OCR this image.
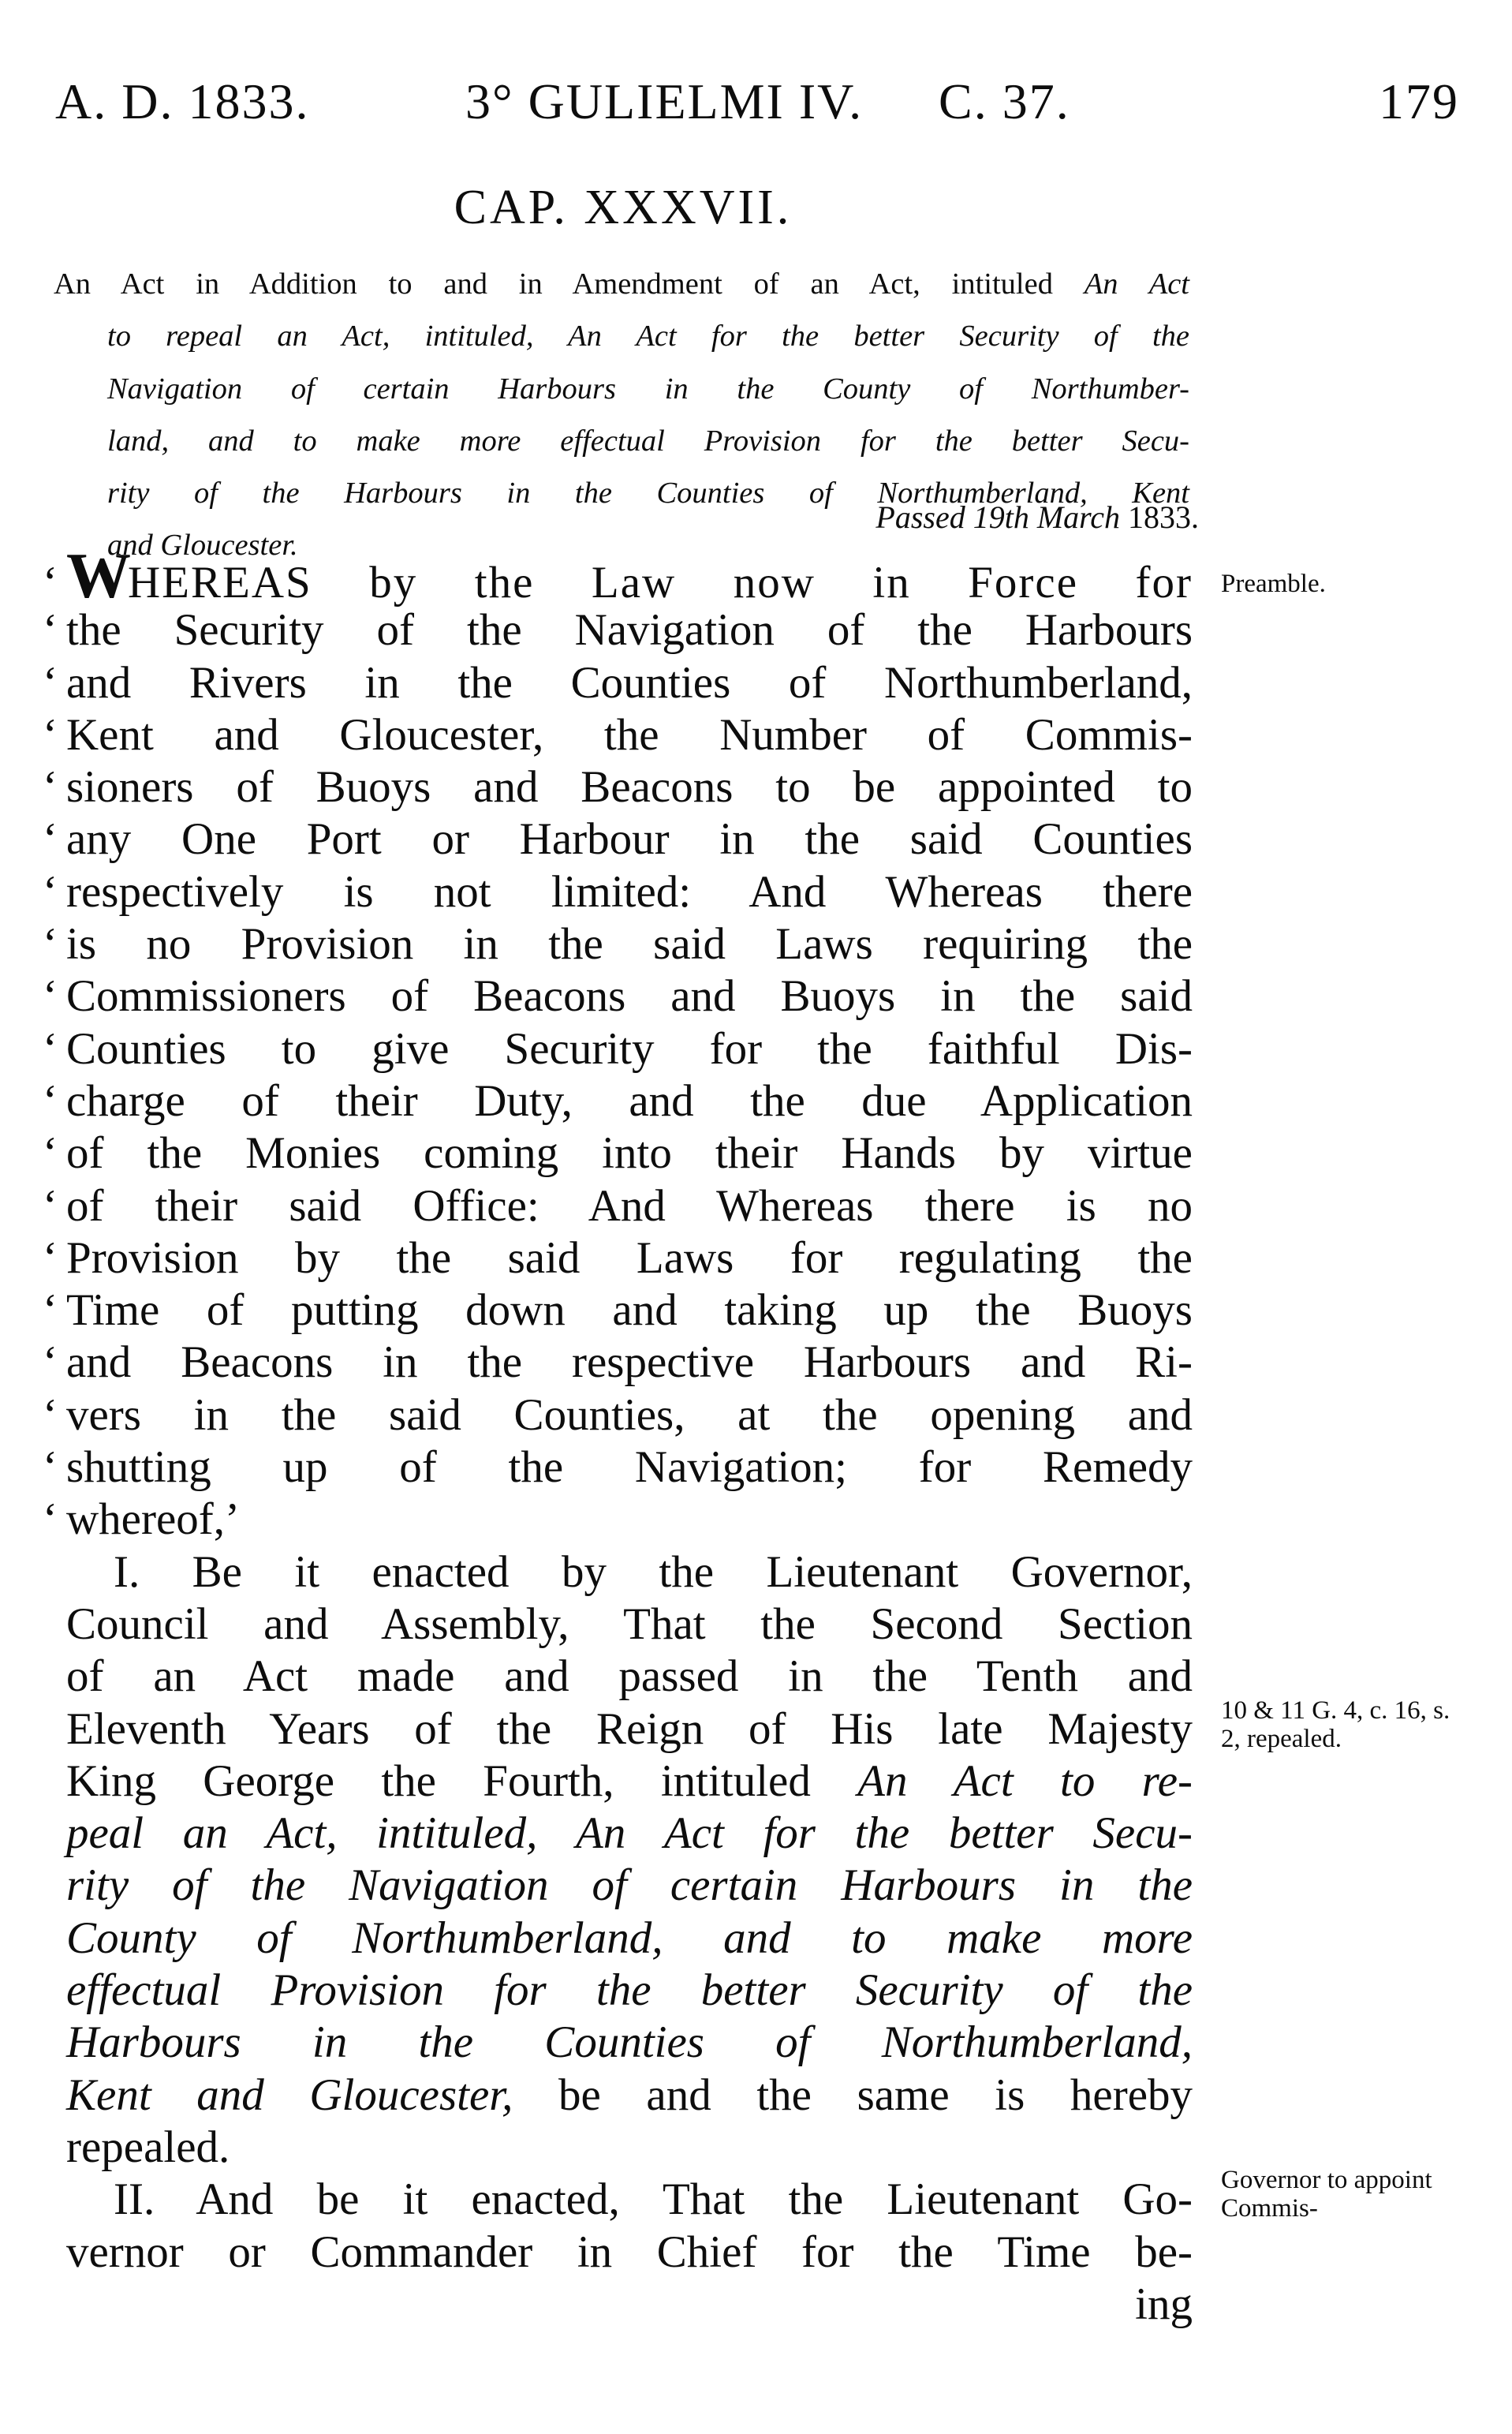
A. D. 1833.	3° GULIELMI IV. C. 37.	179
CAP. XXXVII.
An Act in Addition to and in Amendment of an Act, intituled An Act
to repeal an Act, intituled, An Act for the better Security of the
Navigation of certain Harbours in the County of Northumber-
land, and to make more effectual Provision for the better Secu-
rity of the Harbours in the Counties of Northumberland, Kent
and Gloucester.
Passed 19th March 1833.
‘ WHEREAS by the Law now in Force for
‘ the Security of the Navigation of the Harbours
‘ and Rivers in the Counties of Northumberland,
‘ Kent and Gloucester, the Number of Commis-
‘ sioners of Buoys and Beacons to be appointed to
‘ any One Port or Harbour in the said Counties
‘ respectively is not limited: And Whereas there
‘ is no Provision in the said Laws requiring the
‘ Commissioners of Beacons and Buoys in the said
‘ Counties to give Security for the faithful Dis-
‘ charge of their Duty, and the due Application
‘ of the Monies coming into their Hands by virtue
‘ of their said Office: And Whereas there is no
‘ Provision by the said Laws for regulating the
‘ Time of putting down and taking up the Buoys
‘ and Beacons in the respective Harbours and Ri-
‘ vers in the said Counties, at the opening and
‘ shutting up of the Navigation; for Remedy
‘ whereof,’
I. Be it enacted by the Lieutenant Governor,
Council and Assembly, That the Second Section
of an Act made and passed in the Tenth and
Eleventh Years of the Reign of His late Majesty
King George the Fourth, intituled An Act to re-
peal an Act, intituled, An Act for the better Secu-
rity of the Navigation of certain Harbours in the
County of Northumberland, and to make more
effectual Provision for the better Security of the
Harbours in the Counties of Northumberland,
Kent and Gloucester, be and the same is hereby
repealed.
II. And be it enacted, That the Lieutenant Go-
vernor or Commander in Chief for the Time be-
ing
Preamble.
10 & 11 G. 4, c. 16, s. 2, repealed.
Governor to appoint Commis-
